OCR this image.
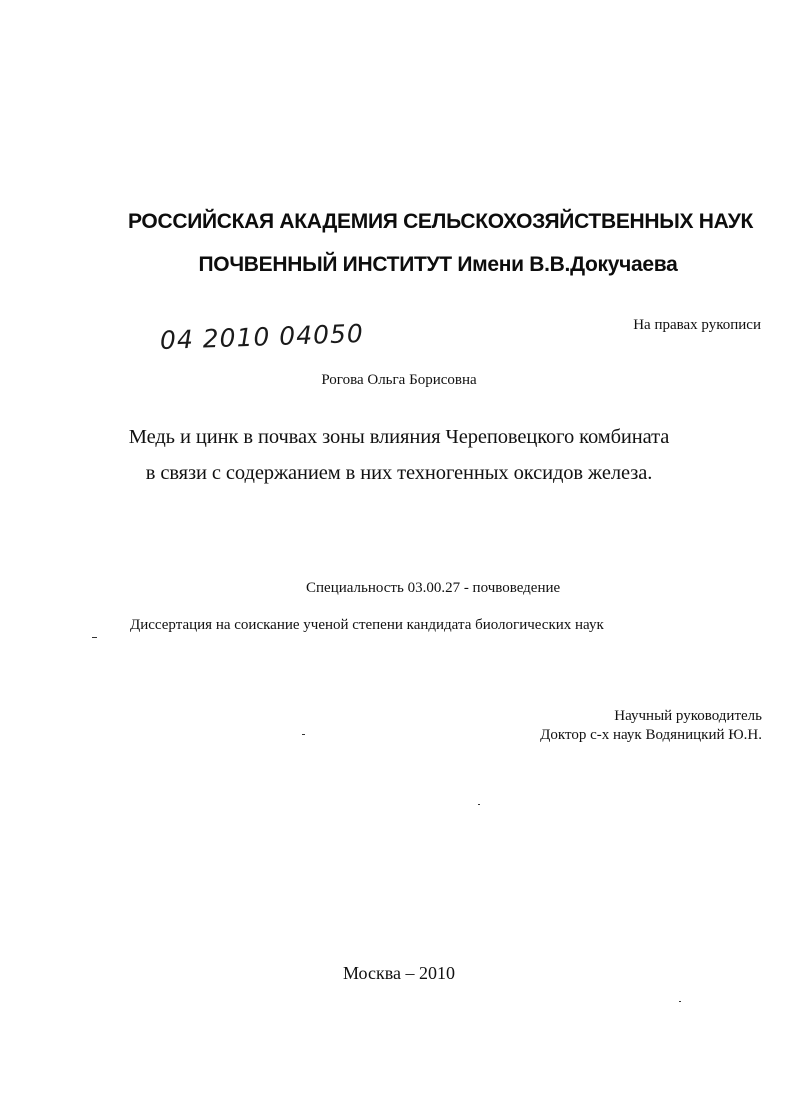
РОССИЙСКАЯ АКАДЕМИЯ СЕЛЬСКОХОЗЯЙСТВЕННЫХ НАУК
ПОЧВЕННЫЙ ИНСТИТУТ Имени В.В.Докучаева

На правах рукописи

04 2010 04050

Рогова Ольга Борисовна

Медь и цинк в почвах зоны влияния Череповецкого комбината

в связи с содержанием в них техногенных оксидов железа.

Специальность 03.00.27 - почвоведение

Диссертация на соискание ученой степени кандидата биологических наук

Научный руководитель

Доктор с-х наук Водяницкий Ю.Н.

Москва – 2010
